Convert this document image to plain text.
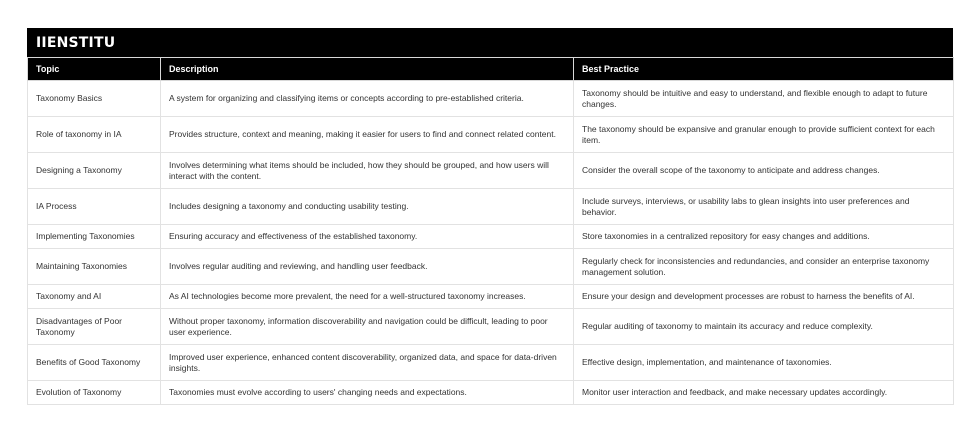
IIENSTITU
Topic	Description	Best Practice
Taxonomy Basics	A system for organizing and classifying items or concepts according to pre-established criteria.	Taxonomy should be intuitive and easy to understand, and flexible enough to adapt to future changes.
Role of taxonomy in IA	Provides structure, context and meaning, making it easier for users to find and connect related content.	The taxonomy should be expansive and granular enough to provide sufficient context for each item.
Designing a Taxonomy	Involves determining what items should be included, how they should be grouped, and how users will interact with the content.	Consider the overall scope of the taxonomy to anticipate and address changes.
IA Process	Includes designing a taxonomy and conducting usability testing.	Include surveys, interviews, or usability labs to glean insights into user preferences and behavior.
Implementing Taxonomies	Ensuring accuracy and effectiveness of the established taxonomy.	Store taxonomies in a centralized repository for easy changes and additions.
Maintaining Taxonomies	Involves regular auditing and reviewing, and handling user feedback.	Regularly check for inconsistencies and redundancies, and consider an enterprise taxonomy management solution.
Taxonomy and AI	As AI technologies become more prevalent, the need for a well-structured taxonomy increases.	Ensure your design and development processes are robust to harness the benefits of AI.
Disadvantages of Poor Taxonomy	Without proper taxonomy, information discoverability and navigation could be difficult, leading to poor user experience.	Regular auditing of taxonomy to maintain its accuracy and reduce complexity.
Benefits of Good Taxonomy	Improved user experience, enhanced content discoverability, organized data, and space for data-driven insights.	Effective design, implementation, and maintenance of taxonomies.
Evolution of Taxonomy	Taxonomies must evolve according to users' changing needs and expectations.	Monitor user interaction and feedback, and make necessary updates accordingly.
